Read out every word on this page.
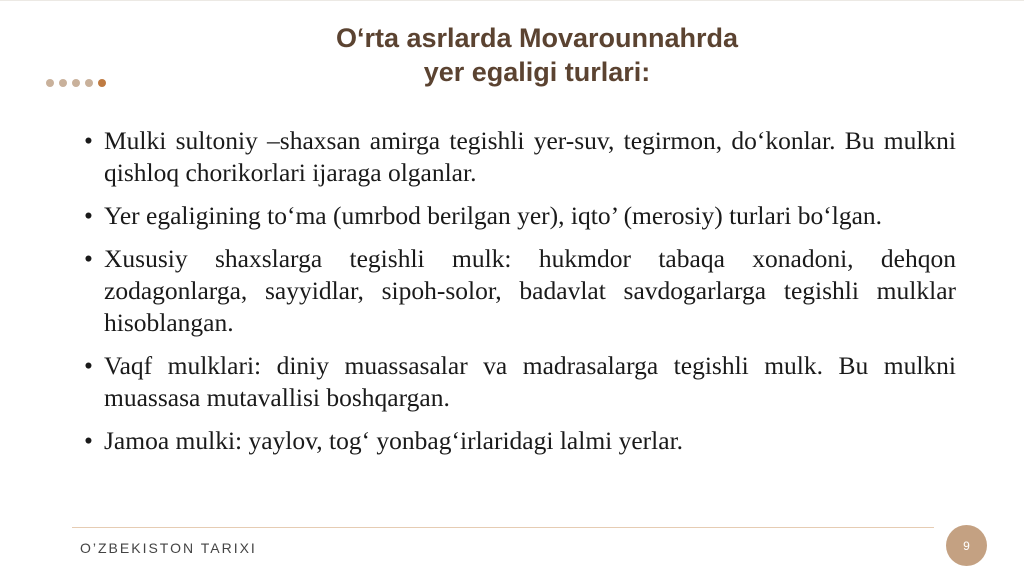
O‘rta asrlarda Movarounnahrda
yer egaligi turlari:
• Mulki sultoniy –shaxsan amirga tegishli yer-suv, tegirmon, do‘konlar. Bu mulkni qishloq chorikorlari ijaraga olganlar.
• Yer egaligining to‘ma (umrbod berilgan yer), iqto’ (merosiy) turlari bo‘lgan.
• Xususiy shaxslarga tegishli mulk: hukmdor tabaqa xonadoni, dehqon zodagonlarga, sayyidlar, sipoh-solor, badavlat savdogarlarga tegishli mulklar hisoblangan.
• Vaqf mulklari: diniy muassasalar va madrasalarga tegishli mulk. Bu mulkni muassasa mutavallisi boshqargan.
• Jamoa mulki: yaylov, tog‘ yonbag‘irlaridagi lalmi yerlar.
O’ZBEKISTON TARIXI	9
